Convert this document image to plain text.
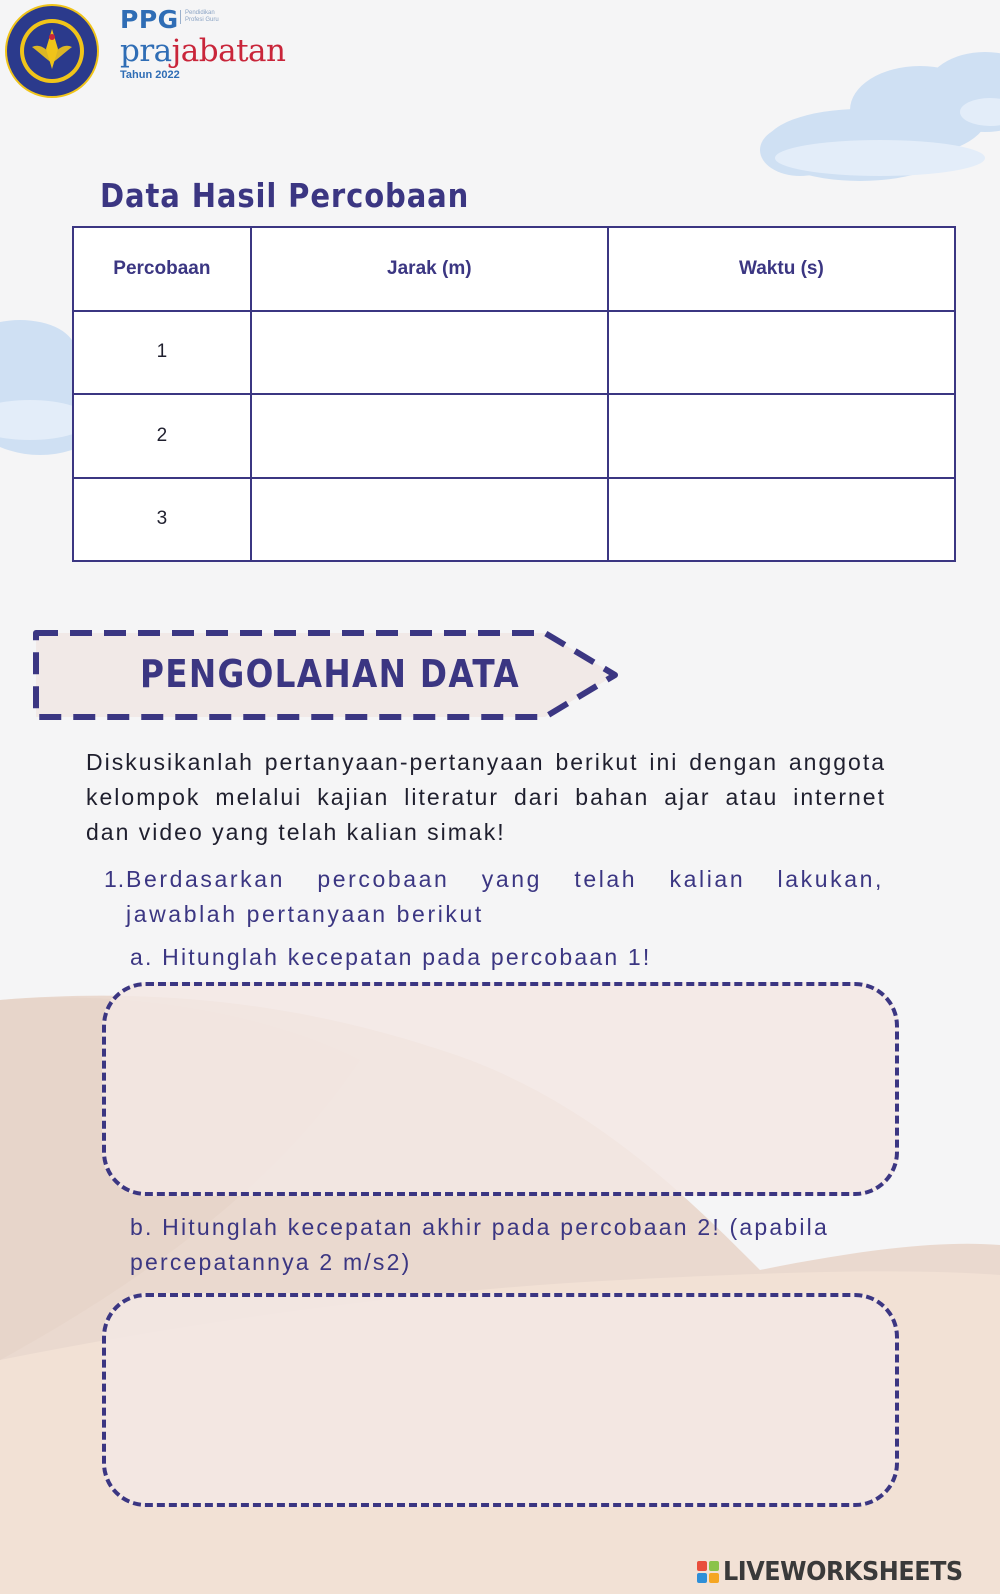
PPG	Pendidikan Profesi Guru
prajabatan
Tahun 2022
Data Hasil Percobaan
Percobaan	Jarak (m)	Waktu (s)
1		
2		
3		
PENGOLAHAN DATA
Diskusikanlah pertanyaan-pertanyaan berikut ini dengan anggota kelompok melalui kajian literatur dari bahan ajar atau internet dan video yang telah kalian simak!
1. Berdasarkan percobaan yang telah kalian lakukan, jawablah pertanyaan berikut
a. Hitunglah kecepatan pada percobaan 1!
b. Hitunglah kecepatan akhir pada percobaan 2! (apabila percepatannya 2 m/s2)
LIVEWORKSHEETS
